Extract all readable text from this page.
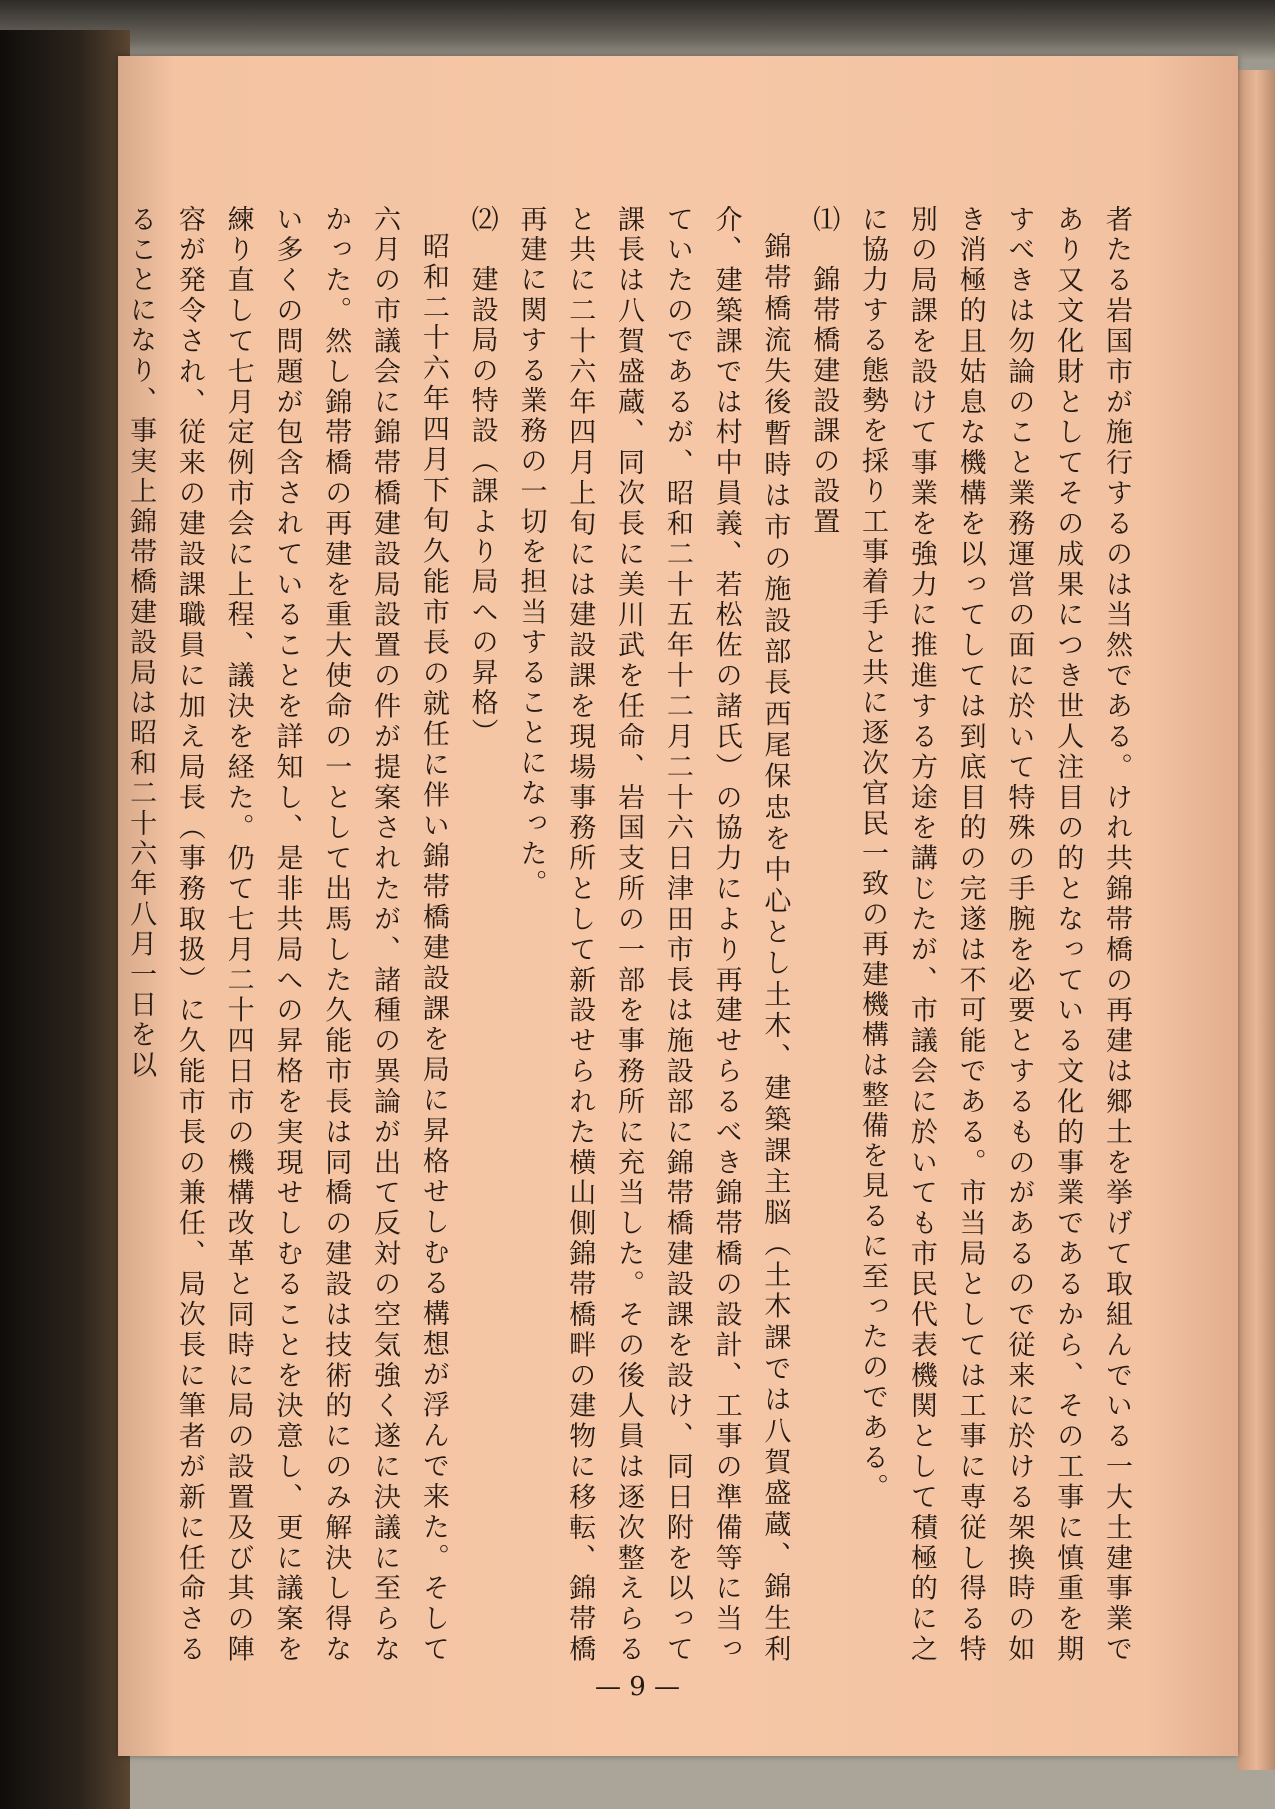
者たる岩国市が施行するのは当然である。けれ共錦帯橋の再建は郷土を挙げて取組んでいる一大土建事業であり又文化財としてその成果につき世人注目の的となっている文化的事業であるから、その工事に慎重を期すべきは勿論のこと業務運営の面に於いて特殊の手腕を必要とするものがあるので従来に於ける架換時の如き消極的且姑息な機構を以ってしては到底目的の完遂は不可能である。市当局としては工事に専従し得る特別の局課を設けて事業を強力に推進する方途を講じたが、市議会に於いても市民代表機関として積極的に之に協力する態勢を採り工事着手と共に逐次官民一致の再建機構は整備を見るに至ったのである。

⑴　錦帯橋建設課の設置

錦帯橋流失後暫時は市の施設部長西尾保忠を中心とし土木、建築課主脳（土木課では八賀盛蔵、錦生利介、建築課では村中員義、若松佐の諸氏）の協力により再建せらるべき錦帯橋の設計、工事の準備等に当っていたのであるが、昭和二十五年十二月二十六日津田市長は施設部に錦帯橋建設課を設け、同日附を以って課長は八賀盛蔵、同次長に美川武を任命、岩国支所の一部を事務所に充当した。その後人員は逐次整えらると共に二十六年四月上旬には建設課を現場事務所として新設せられた横山側錦帯橋畔の建物に移転、錦帯橋再建に関する業務の一切を担当することになった。

⑵　建設局の特設（課より局への昇格）

昭和二十六年四月下旬久能市長の就任に伴い錦帯橋建設課を局に昇格せしむる構想が浮んで来た。そして六月の市議会に錦帯橋建設局設置の件が提案されたが、諸種の異論が出て反対の空気強く遂に決議に至らなかった。然し錦帯橋の再建を重大使命の一として出馬した久能市長は同橋の建設は技術的にのみ解決し得ない多くの問題が包含されていることを詳知し、是非共局への昇格を実現せしむることを決意し、更に議案を練り直して七月定例市会に上程、議決を経た。仍て七月二十四日市の機構改革と同時に局の設置及び其の陣容が発令され、従来の建設課職員に加え局長（事務取扱）に久能市長の兼任、局次長に筆者が新に任命さるることになり、事実上錦帯橋建設局は昭和二十六年八月一日を以

— 9 —
